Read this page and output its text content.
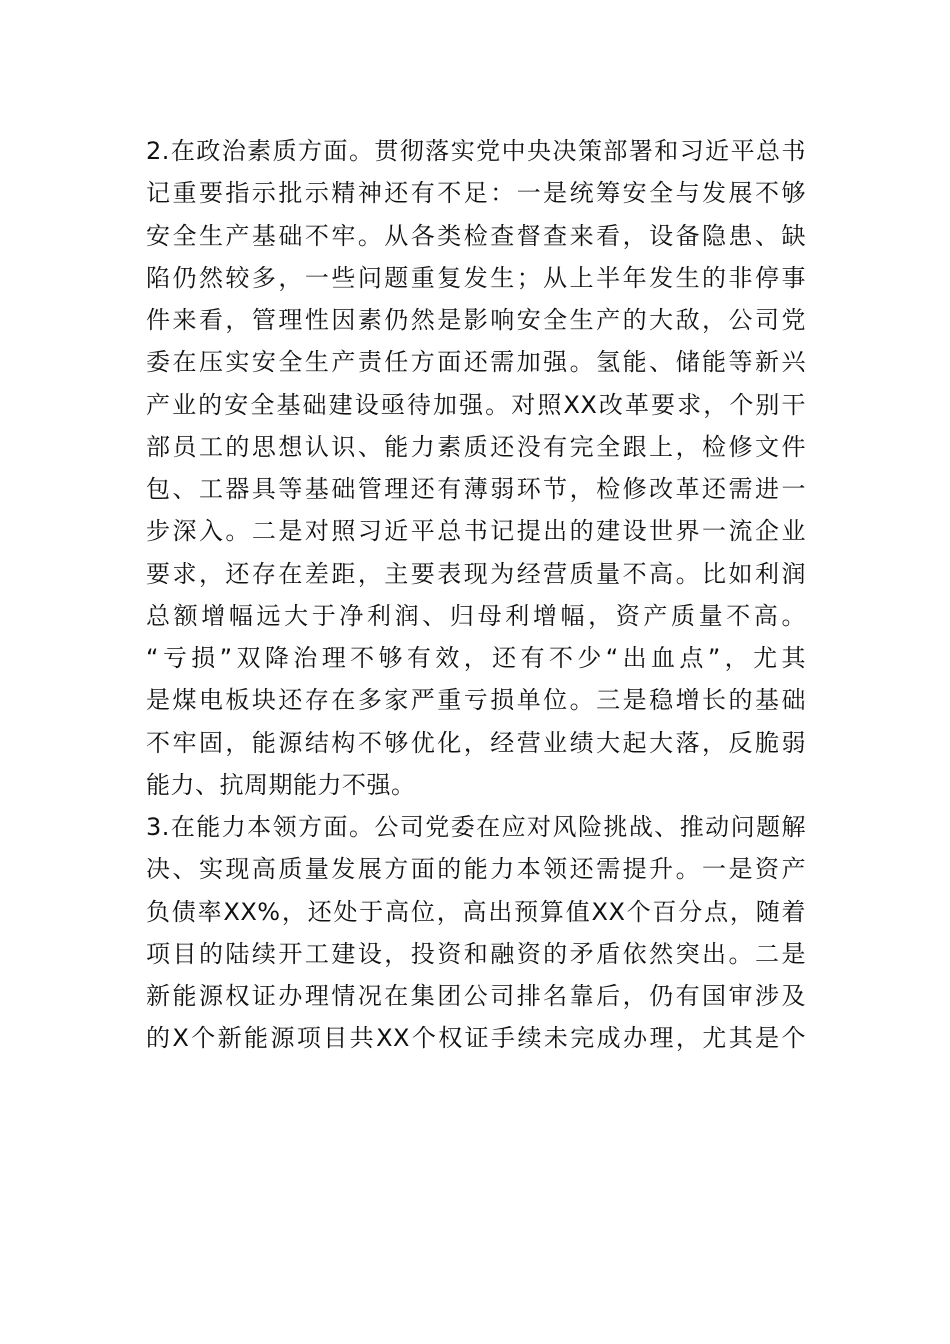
2.在政治素质方面。贯彻落实党中央决策部署和习近平总书
记重要指示批示精神还有不足：一是统筹安全与发展不够
安全生产基础不牢。从各类检查督查来看，设备隐患、缺
陷仍然较多，一些问题重复发生；从上半年发生的非停事
件来看，管理性因素仍然是影响安全生产的大敌，公司党
委在压实安全生产责任方面还需加强。氢能、储能等新兴
产业的安全基础建设亟待加强。对照XX改革要求，个别干
部员工的思想认识、能力素质还没有完全跟上，检修文件
包、工器具等基础管理还有薄弱环节，检修改革还需进一
步深入。二是对照习近平总书记提出的建设世界一流企业
要求，还存在差距，主要表现为经营质量不高。比如利润
总额增幅远大于净利润、归母利增幅，资产质量不高。
“亏损”双降治理不够有效，还有不少“出血点”，尤其
是煤电板块还存在多家严重亏损单位。三是稳增长的基础
不牢固，能源结构不够优化，经营业绩大起大落，反脆弱
能力、抗周期能力不强。
3.在能力本领方面。公司党委在应对风险挑战、推动问题解
决、实现高质量发展方面的能力本领还需提升。一是资产
负债率XX%，还处于高位，高出预算值XX个百分点，随着
项目的陆续开工建设，投资和融资的矛盾依然突出。二是
新能源权证办理情况在集团公司排名靠后，仍有国审涉及
的X个新能源项目共XX个权证手续未完成办理，尤其是个
